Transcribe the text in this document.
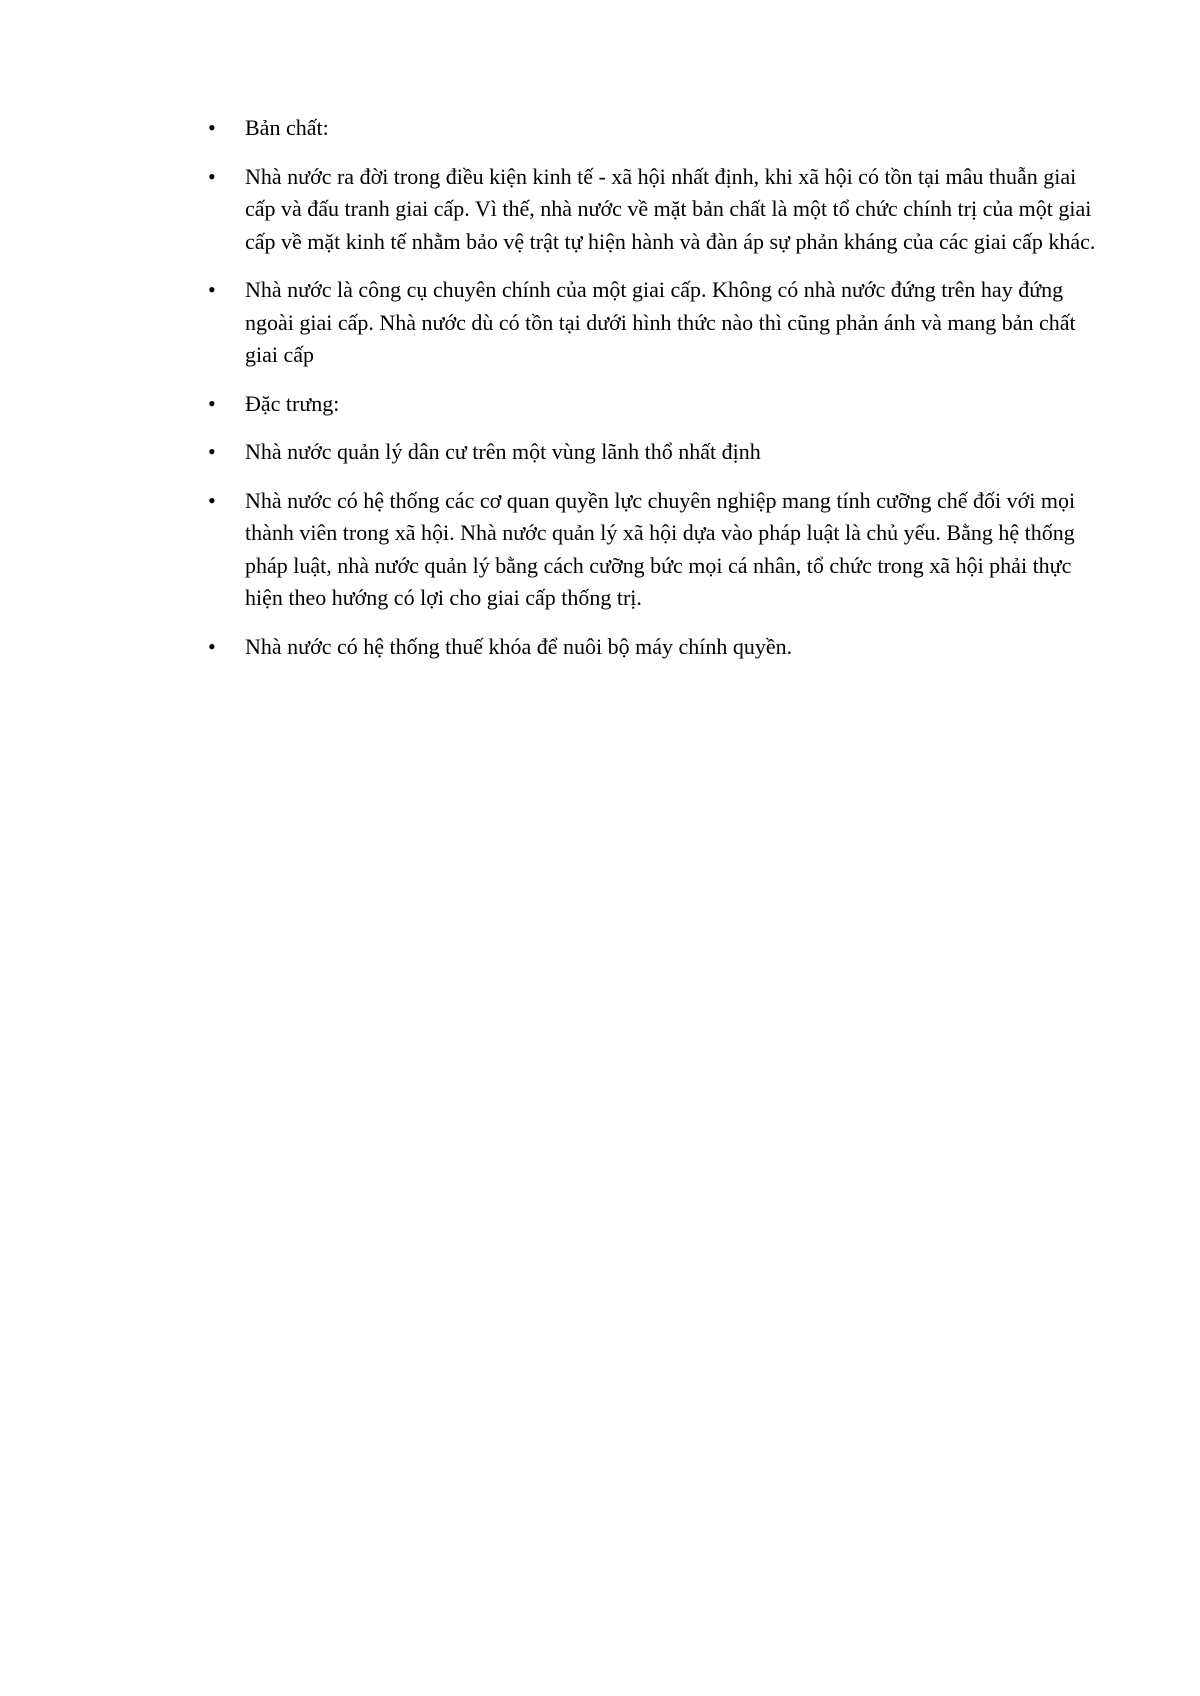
•	Bản chất:
•	Nhà nước ra đời trong điều kiện kinh tế - xã hội nhất định, khi xã hội có tồn tại mâu thuẫn giai cấp và đấu tranh giai cấp. Vì thế, nhà nước về mặt bản chất là một tổ chức chính trị của một giai cấp về mặt kinh tế nhằm bảo vệ trật tự hiện hành và đàn áp sự phản kháng của các giai cấp khác.
•	Nhà nước là công cụ chuyên chính của một giai cấp. Không có nhà nước đứng trên hay đứng ngoài giai cấp. Nhà nước dù có tồn tại dưới hình thức nào thì cũng phản ánh và mang bản chất giai cấp
•	Đặc trưng:
•	Nhà nước quản lý dân cư trên một vùng lãnh thổ nhất định
•	Nhà nước có hệ thống các cơ quan quyền lực chuyên nghiệp mang tính cưỡng chế đối với mọi thành viên trong xã hội. Nhà nước quản lý xã hội dựa vào pháp luật là chủ yếu. Bằng hệ thống pháp luật, nhà nước quản lý bằng cách cưỡng bức mọi cá nhân, tổ chức trong xã hội phải thực hiện theo hướng có lợi cho giai cấp thống trị.
•	Nhà nước có hệ thống thuế khóa để nuôi bộ máy chính quyền.
